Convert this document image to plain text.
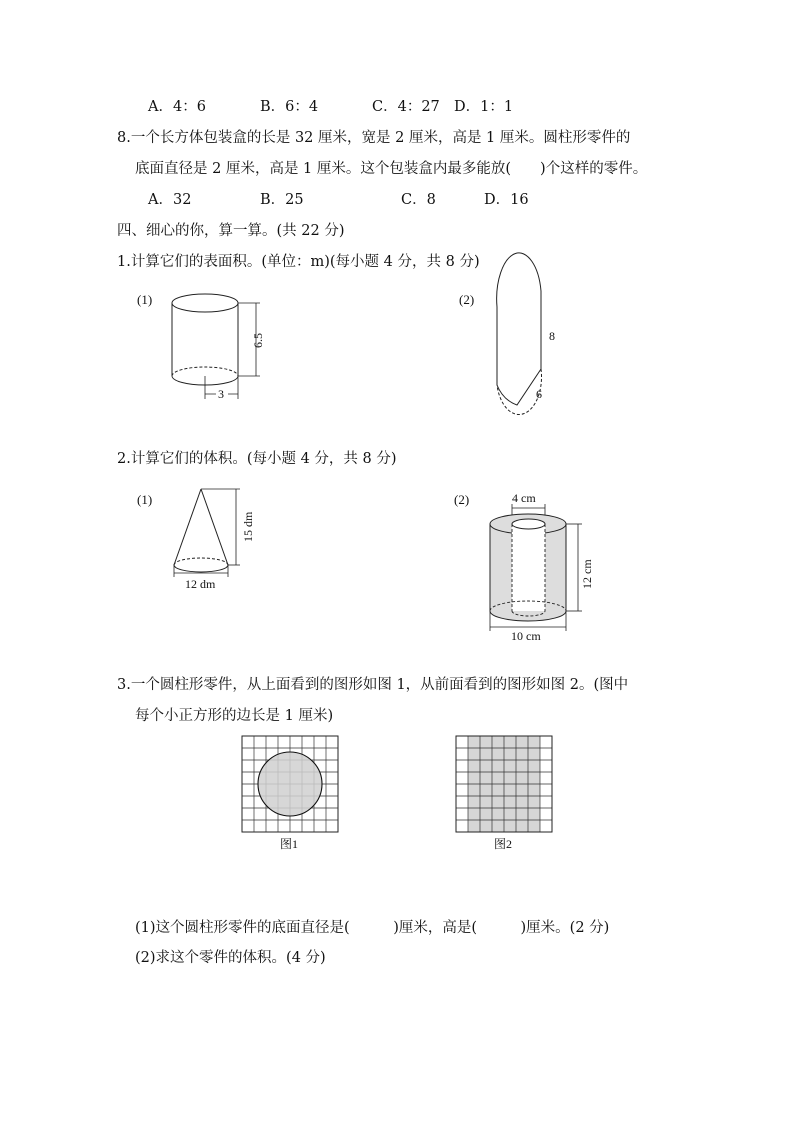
A．4：6	B．6：4	C．4：27 D．1：1
8.一个长方体包装盒的长是 32 厘米，宽是 2 厘米，高是 1 厘米。圆柱形零件的
底面直径是 2 厘米，高是 1 厘米。这个包装盒内最多能放(　　)个这样的零件。
A．32	B．25	C．8	D．16
四、细心的你，算一算。(共 22 分)
1.计算它们的表面积。(单位：m)(每小题 4 分，共 8 分)
(1)
6.5
3
(2)
8
6
2.计算它们的体积。(每小题 4 分，共 8 分)
(1)
15 dm
12 dm
(2)	4 cm
12 cm
10 cm
3.一个圆柱形零件，从上面看到的图形如图 1，从前面看到的图形如图 2。(图中
每个小正方形的边长是 1 厘米)
图1	图2
(1)这个圆柱形零件的底面直径是(　　　)厘米，高是(　　　)厘米。(2 分)
(2)求这个零件的体积。(4 分)
